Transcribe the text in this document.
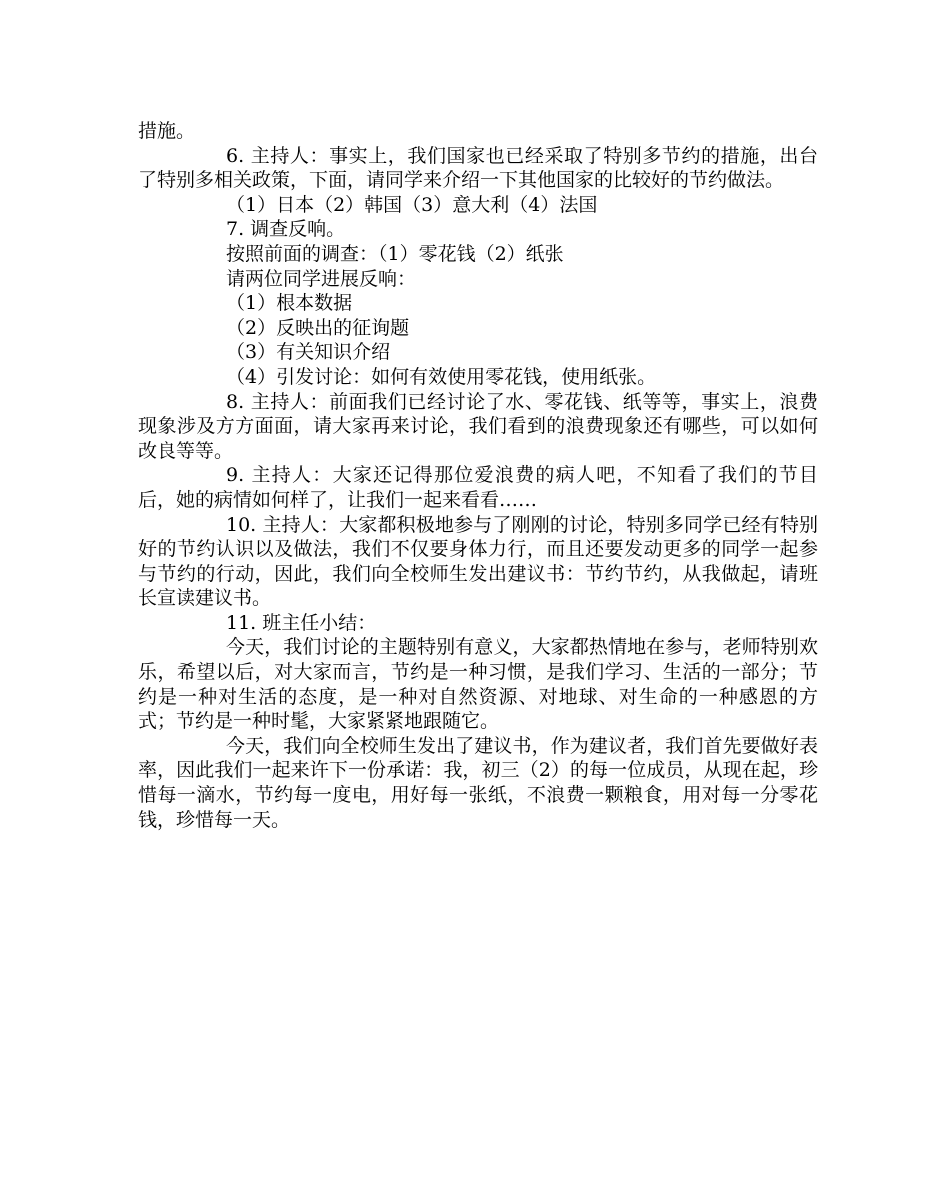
措施。

6. 主持人：事实上，我们国家也已经采取了特别多节约的措施，出台了特别多相关政策，下面，请同学来介绍一下其他国家的比较好的节约做法。

（1）日本（2）韩国（3）意大利（4）法国

7. 调查反响。

按照前面的调查：（1）零花钱（2）纸张

请两位同学进展反响：

（1）根本数据

（2）反映出的征询题

（3）有关知识介绍

（4）引发讨论：如何有效使用零花钱，使用纸张。

8. 主持人：前面我们已经讨论了水、零花钱、纸等等，事实上，浪费现象涉及方方面面，请大家再来讨论，我们看到的浪费现象还有哪些，可以如何改良等等。

9. 主持人：大家还记得那位爱浪费的病人吧，不知看了我们的节目后，她的病情如何样了，让我们一起来看看……

10. 主持人：大家都积极地参与了刚刚的讨论，特别多同学已经有特别好的节约认识以及做法，我们不仅要身体力行，而且还要发动更多的同学一起参与节约的行动，因此，我们向全校师生发出建议书：节约节约，从我做起，请班长宣读建议书。

11. 班主任小结：

今天，我们讨论的主题特别有意义，大家都热情地在参与，老师特别欢乐，希望以后，对大家而言，节约是一种习惯，是我们学习、生活的一部分；节约是一种对生活的态度，是一种对自然资源、对地球、对生命的一种感恩的方式；节约是一种时髦，大家紧紧地跟随它。

今天，我们向全校师生发出了建议书，作为建议者，我们首先要做好表率，因此我们一起来许下一份承诺：我，初三（2）的每一位成员，从现在起，珍惜每一滴水，节约每一度电，用好每一张纸，不浪费一颗粮食，用对每一分零花钱，珍惜每一天。
